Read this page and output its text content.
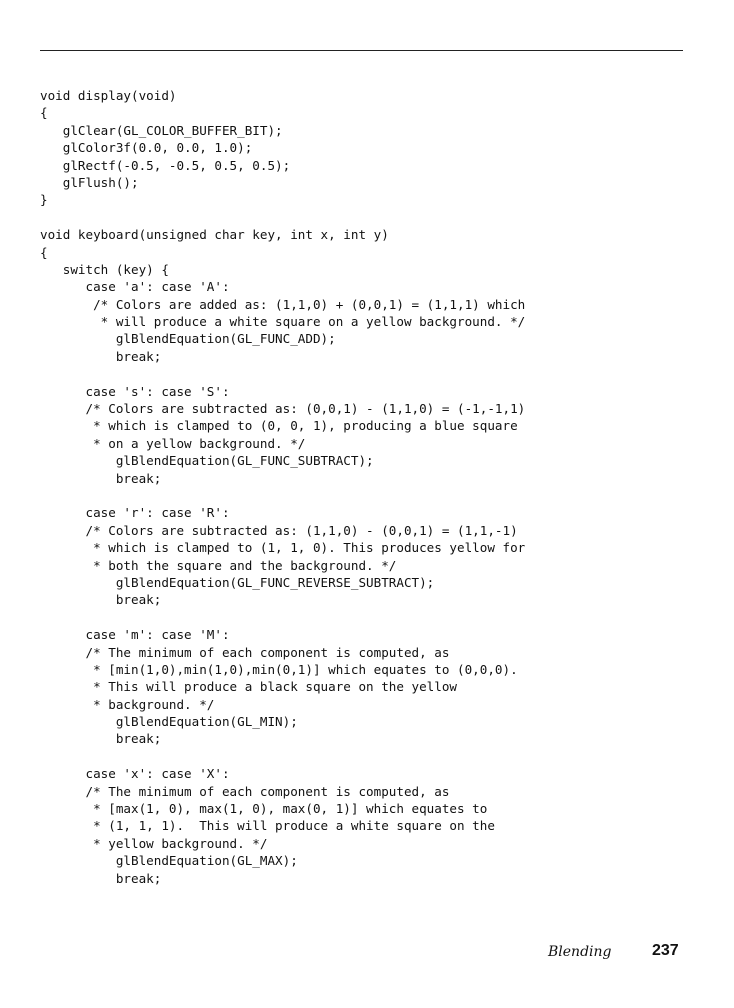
void display(void)
{
glClear(GL_COLOR_BUFFER_BIT);
glColor3f(0.0, 0.0, 1.0);
glRectf(-0.5, -0.5, 0.5, 0.5);
glFlush();
}
void keyboard(unsigned char key, int x, int y)
{
switch (key) {
case 'a': case 'A':
/* Colors are added as: (1,1,0) + (0,0,1) = (1,1,1) which
* will produce a white square on a yellow background. */
glBlendEquation(GL_FUNC_ADD);
break;
case 's': case 'S':
/* Colors are subtracted as: (0,0,1) - (1,1,0) = (-1,-1,1)
* which is clamped to (0, 0, 1), producing a blue square
* on a yellow background. */
glBlendEquation(GL_FUNC_SUBTRACT);
break;
case 'r': case 'R':
/* Colors are subtracted as: (1,1,0) - (0,0,1) = (1,1,-1)
* which is clamped to (1, 1, 0). This produces yellow for
* both the square and the background. */
glBlendEquation(GL_FUNC_REVERSE_SUBTRACT);
break;
case 'm': case 'M':
/* The minimum of each component is computed, as
* [min(1,0),min(1,0),min(0,1)] which equates to (0,0,0).
* This will produce a black square on the yellow
* background. */
glBlendEquation(GL_MIN);
break;
case 'x': case 'X':
/* The minimum of each component is computed, as
* [max(1, 0), max(1, 0), max(0, 1)] which equates to
* (1, 1, 1).  This will produce a white square on the
* yellow background. */
glBlendEquation(GL_MAX);
break;
Blending	237
